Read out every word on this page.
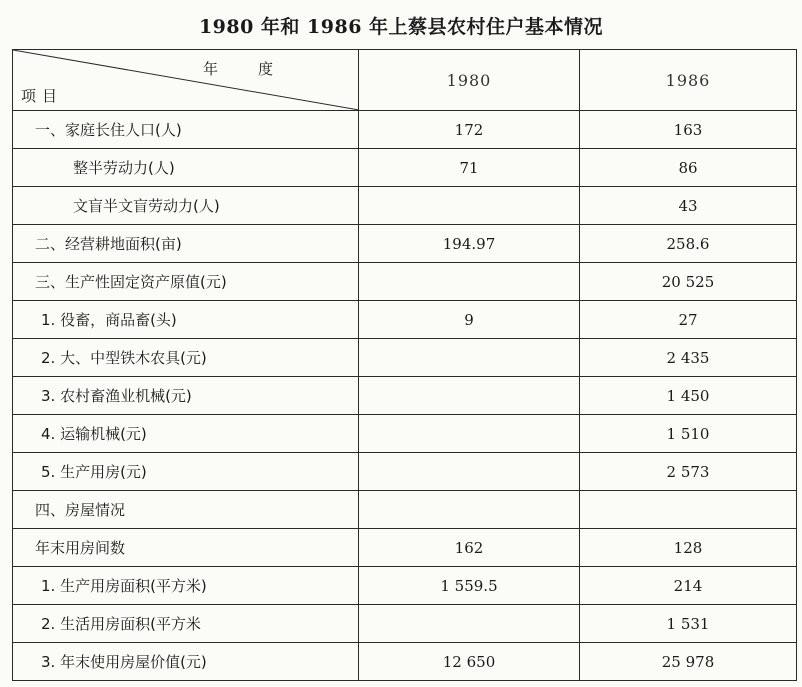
1980 年和 1986 年上蔡县农村住户基本情况
年度
项目	1980	1986
一、家庭长住人口(人)	172	163
整半劳动力(人)	71	86
文盲半文盲劳动力(人)		43
二、经营耕地面积(亩)	194.97	258.6
三、生产性固定资产原值(元)		20 525
1. 役畜，商品畜(头)	9	27
2. 大、中型铁木农具(元)		2 435
3. 农村畜渔业机械(元)		1 450
4. 运输机械(元)		1 510
5. 生产用房(元)		2 573
四、房屋情况		
年末用房间数	162	128
1. 生产用房面积(平方米)	1 559.5	214
2. 生活用房面积(平方米		1 531
3. 年末使用房屋价值(元)	12 650	25 978
